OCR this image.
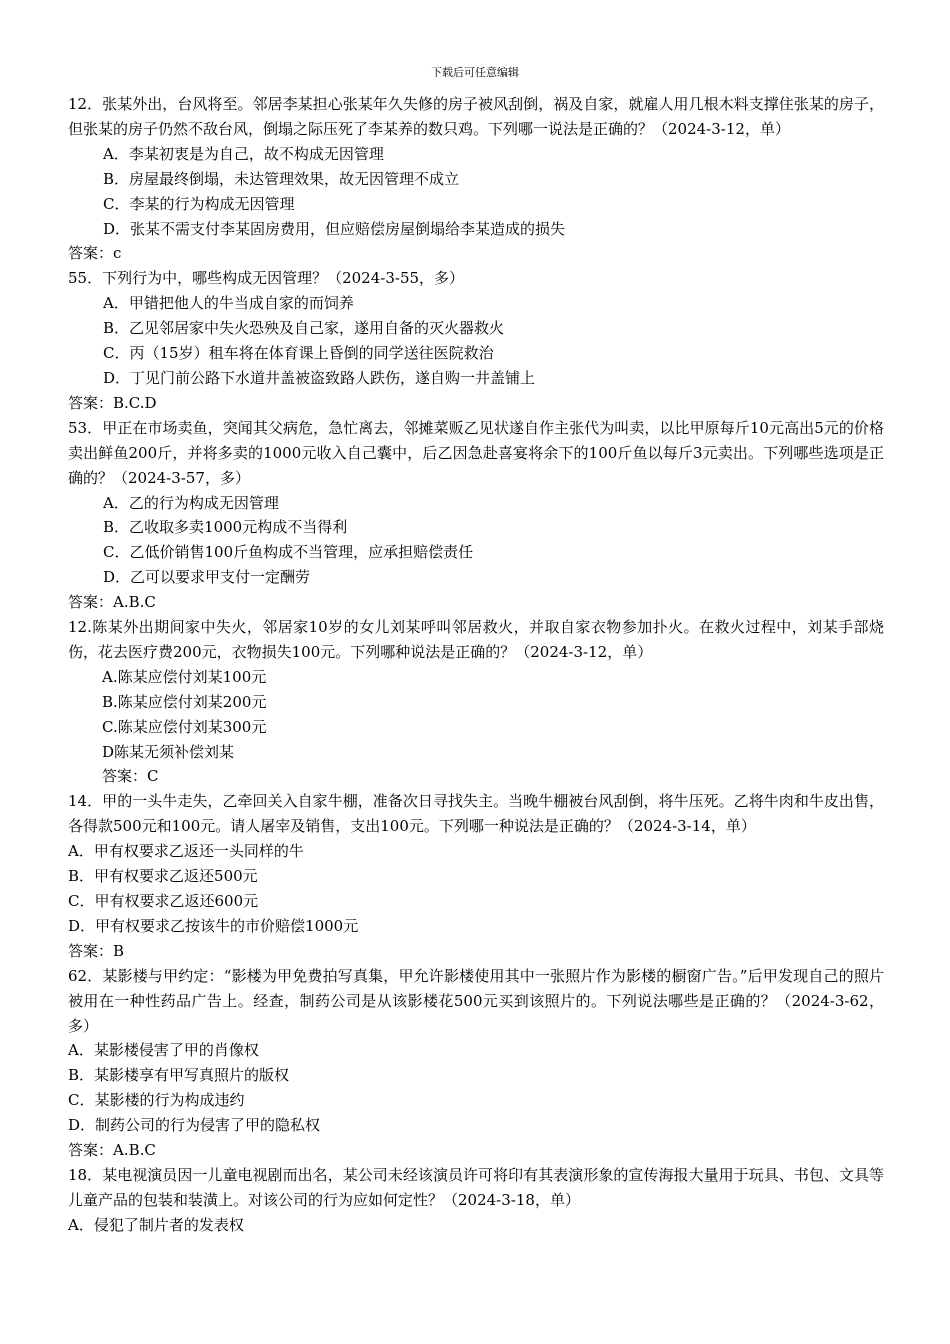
下载后可任意编辑

12．张某外出，台风将至。邻居李某担心张某年久失修的房子被风刮倒，祸及自家，就雇人用几根木料支撑住张某的房子，但张某的房子仍然不敌台风，倒塌之际压死了李某养的数只鸡。下列哪一说法是正确的？（2024-3-12，单）

A．李某初衷是为自己，故不构成无因管理

B．房屋最终倒塌，未达管理效果，故无因管理不成立

C．李某的行为构成无因管理

D．张某不需支付李某固房费用，但应赔偿房屋倒塌给李某造成的损失

答案：c

55．下列行为中，哪些构成无因管理？（2024-3-55，多）

A．甲错把他人的牛当成自家的而饲养

B．乙见邻居家中失火恐殃及自己家，遂用自备的灭火器救火

C．丙（15岁）租车将在体育课上昏倒的同学送往医院救治

D．丁见门前公路下水道井盖被盗致路人跌伤，遂自购一井盖铺上

答案：B.C.D

53．甲正在市场卖鱼，突闻其父病危，急忙离去，邻摊菜贩乙见状遂自作主张代为叫卖，以比甲原每斤10元高出5元的价格卖出鲜鱼200斤，并将多卖的1000元收入自己囊中，后乙因急赴喜宴将余下的100斤鱼以每斤3元卖出。下列哪些选项是正确的？（2024-3-57，多）

A．乙的行为构成无因管理

B．乙收取多卖1000元构成不当得利

C．乙低价销售100斤鱼构成不当管理，应承担赔偿责任

D．乙可以要求甲支付一定酬劳

答案：A.B.C

12.陈某外出期间家中失火，邻居家10岁的女儿刘某呼叫邻居救火，并取自家衣物参加扑火。在救火过程中，刘某手部烧伤，花去医疗费200元，衣物损失100元。下列哪种说法是正确的？（2024-3-12，单）

A.陈某应偿付刘某100元

B.陈某应偿付刘某200元

C.陈某应偿付刘某300元

D陈某无须补偿刘某

答案：C

14．甲的一头牛走失，乙牵回关入自家牛棚，准备次日寻找失主。当晚牛棚被台风刮倒，将牛压死。乙将牛肉和牛皮出售，各得款500元和100元。请人屠宰及销售，支出100元。下列哪一种说法是正确的？（2024-3-14，单）

A．甲有权要求乙返还一头同样的牛

B．甲有权要求乙返还500元

C．甲有权要求乙返还600元

D．甲有权要求乙按该牛的市价赔偿1000元

答案：B

62．某影楼与甲约定：“影楼为甲免费拍写真集，甲允许影楼使用其中一张照片作为影楼的橱窗广告。”后甲发现自己的照片被用在一种性药品广告上。经查，制药公司是从该影楼花500元买到该照片的。下列说法哪些是正确的？（2024-3-62，多）

A．某影楼侵害了甲的肖像权

B．某影楼享有甲写真照片的版权

C．某影楼的行为构成违约

D．制药公司的行为侵害了甲的隐私权

答案：A.B.C

18．某电视演员因一儿童电视剧而出名，某公司未经该演员许可将印有其表演形象的宣传海报大量用于玩具、书包、文具等儿童产品的包装和装潢上。对该公司的行为应如何定性？（2024-3-18，单）

A．侵犯了制片者的发表权
